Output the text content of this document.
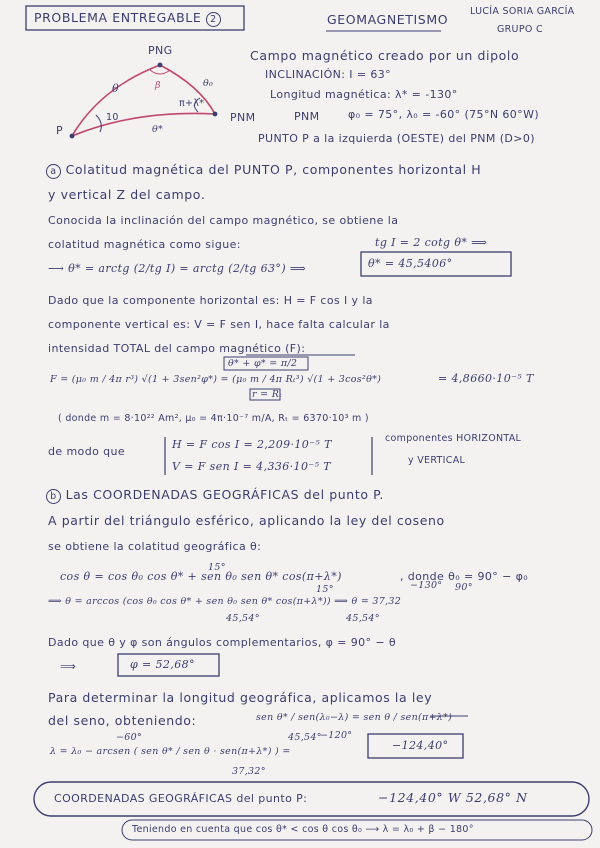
PROBLEMA ENTREGABLE 2	GEOMAGNETISMO
LUCÍA SORIA GARCÍA
GRUPO C
PNG
PNM
P
θ	β	θ₀
π+λ*
10
θ*
Campo magnético creado por un dipolo
INCLINACIÓN: I = 63°
Longitud magnética: λ* = -130°
PNM	φ₀ = 75°, λ₀ = -60° (75°N 60°W)
PUNTO P a la izquierda (OESTE) del PNM (D>0)
a Colatitud magnética del PUNTO P, componentes horizontal H
y vertical Z del campo.
Conocida la inclinación del campo magnético, se obtiene la
colatitud magnética como sigue:	tg I = 2 cotg θ* ⟹
⟶ θ* = arctg (2/tg I) = arctg (2/tg 63°) ⟹	θ* = 45,5406°
Dado que la componente horizontal es: H = F cos I y la
componente vertical es: V = F sen I, hace falta calcular la
intensidad TOTAL del campo magnético (F):
θ* + φ* = π/2
r = Rₜ
F = (μ₀ m / 4π r³) √(1 + 3sen²φ*) = (μ₀ m / 4π Rₜ³) √(1 + 3cos²θ*)	= 4,8660·10⁻⁵ T
( donde m = 8·10²² Am², μ₀ = 4π·10⁻⁷ m/A, Rₜ = 6370·10³ m )
de modo que
H = F cos I = 2,209·10⁻⁵ T
V = F sen I = 4,336·10⁻⁵ T
componentes HORIZONTAL
y VERTICAL
b Las COORDENADAS GEOGRÁFICAS del punto P.
A partir del triángulo esférico, aplicando la ley del coseno
se obtiene la colatitud geográfica θ:
15°
cos θ = cos θ₀ cos θ* + sen θ₀ sen θ* cos(π+λ*)	, donde θ₀ = 90° − φ₀
90°
−130°
15°
⟹ θ = arccos (cos θ₀ cos θ* + sen θ₀ sen θ* cos(π+λ*)) ⟹ θ = 37,32
45,54°	45,54°
Dado que θ y φ son ángulos complementarios, φ = 90° − θ
⟹	φ = 52,68°
Para determinar la longitud geográfica, aplicamos la ley
del seno, obteniendo:	sen θ* / sen(λ₀−λ) = sen θ / sen(π+λ*)
−60°	45,54°
−120°
λ = λ₀ − arcsen ( sen θ* / sen θ · sen(π+λ*) ) =	−124,40°
37,32°
COORDENADAS GEOGRÁFICAS del punto P:	−124,40° W 52,68° N
Teniendo en cuenta que cos θ* < cos θ cos θ₀ ⟶ λ = λ₀ + β − 180°
